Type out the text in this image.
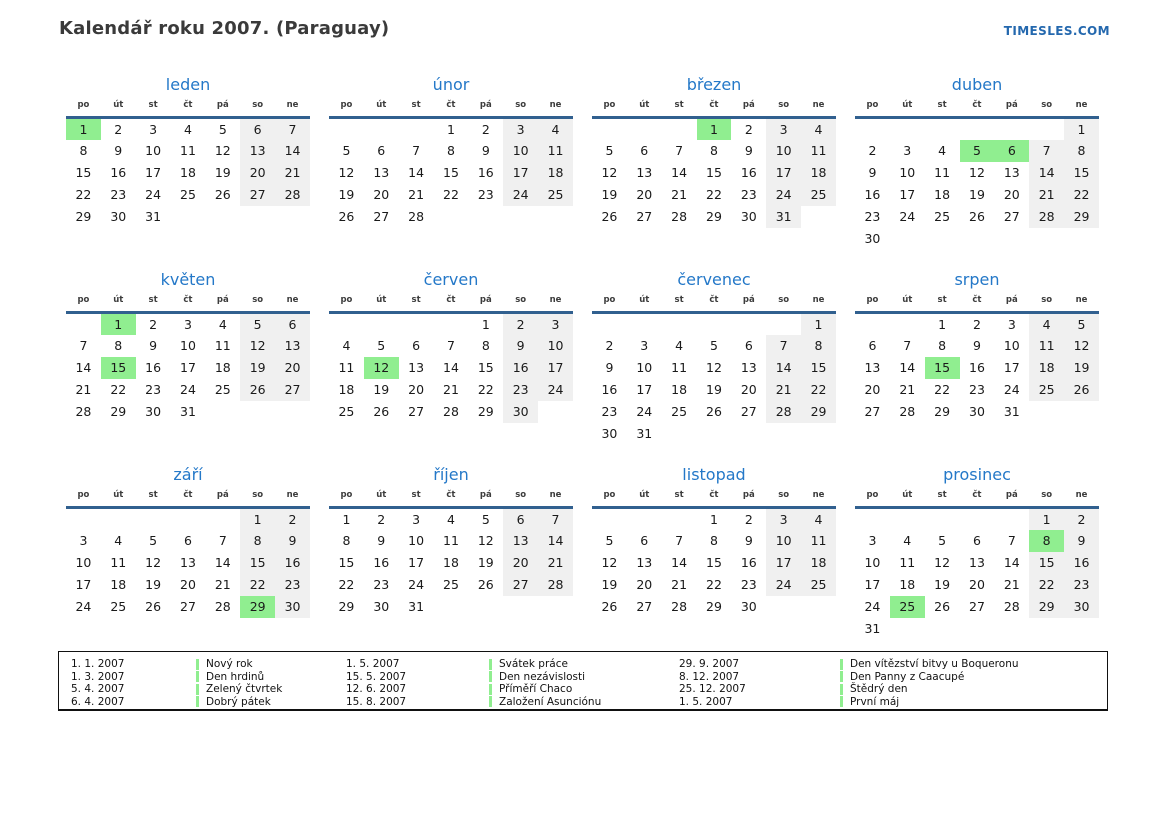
Kalendář roku 2007. (Paraguay)	TIMESLES.COM
leden
po	út	st	čt	pá	so	ne
1	2	3	4	5	6	7
8	9	10	11	12	13	14
15	16	17	18	19	20	21
22	23	24	25	26	27	28
29	30	31				
únor
po	út	st	čt	pá	so	ne
			1	2	3	4
5	6	7	8	9	10	11
12	13	14	15	16	17	18
19	20	21	22	23	24	25
26	27	28				
březen
po	út	st	čt	pá	so	ne
			1	2	3	4
5	6	7	8	9	10	11
12	13	14	15	16	17	18
19	20	21	22	23	24	25
26	27	28	29	30	31	
duben
po	út	st	čt	pá	so	ne
						1
2	3	4	5	6	7	8
9	10	11	12	13	14	15
16	17	18	19	20	21	22
23	24	25	26	27	28	29
30						
květen
po	út	st	čt	pá	so	ne
	1	2	3	4	5	6
7	8	9	10	11	12	13
14	15	16	17	18	19	20
21	22	23	24	25	26	27
28	29	30	31			
červen
po	út	st	čt	pá	so	ne
				1	2	3
4	5	6	7	8	9	10
11	12	13	14	15	16	17
18	19	20	21	22	23	24
25	26	27	28	29	30	
červenec
po	út	st	čt	pá	so	ne
						1
2	3	4	5	6	7	8
9	10	11	12	13	14	15
16	17	18	19	20	21	22
23	24	25	26	27	28	29
30	31					
srpen
po	út	st	čt	pá	so	ne
		1	2	3	4	5
6	7	8	9	10	11	12
13	14	15	16	17	18	19
20	21	22	23	24	25	26
27	28	29	30	31		
září
po	út	st	čt	pá	so	ne
					1	2
3	4	5	6	7	8	9
10	11	12	13	14	15	16
17	18	19	20	21	22	23
24	25	26	27	28	29	30
říjen
po	út	st	čt	pá	so	ne
1	2	3	4	5	6	7
8	9	10	11	12	13	14
15	16	17	18	19	20	21
22	23	24	25	26	27	28
29	30	31				
listopad
po	út	st	čt	pá	so	ne
			1	2	3	4
5	6	7	8	9	10	11
12	13	14	15	16	17	18
19	20	21	22	23	24	25
26	27	28	29	30		
prosinec
po	út	st	čt	pá	so	ne
					1	2
3	4	5	6	7	8	9
10	11	12	13	14	15	16
17	18	19	20	21	22	23
24	25	26	27	28	29	30
31						
1. 1. 2007	Nový rok	1. 5. 2007	Svátek práce	29. 9. 2007	Den vítězství bitvy u Boqueronu
1. 3. 2007	Den hrdinů	15. 5. 2007	Den nezávislosti	8. 12. 2007	Den Panny z Caacupé
5. 4. 2007	Zelený čtvrtek	12. 6. 2007	Příměří Chaco	25. 12. 2007	Štědrý den
6. 4. 2007	Dobrý pátek	15. 8. 2007	Založení Asunciónu	1. 5. 2007	První máj
